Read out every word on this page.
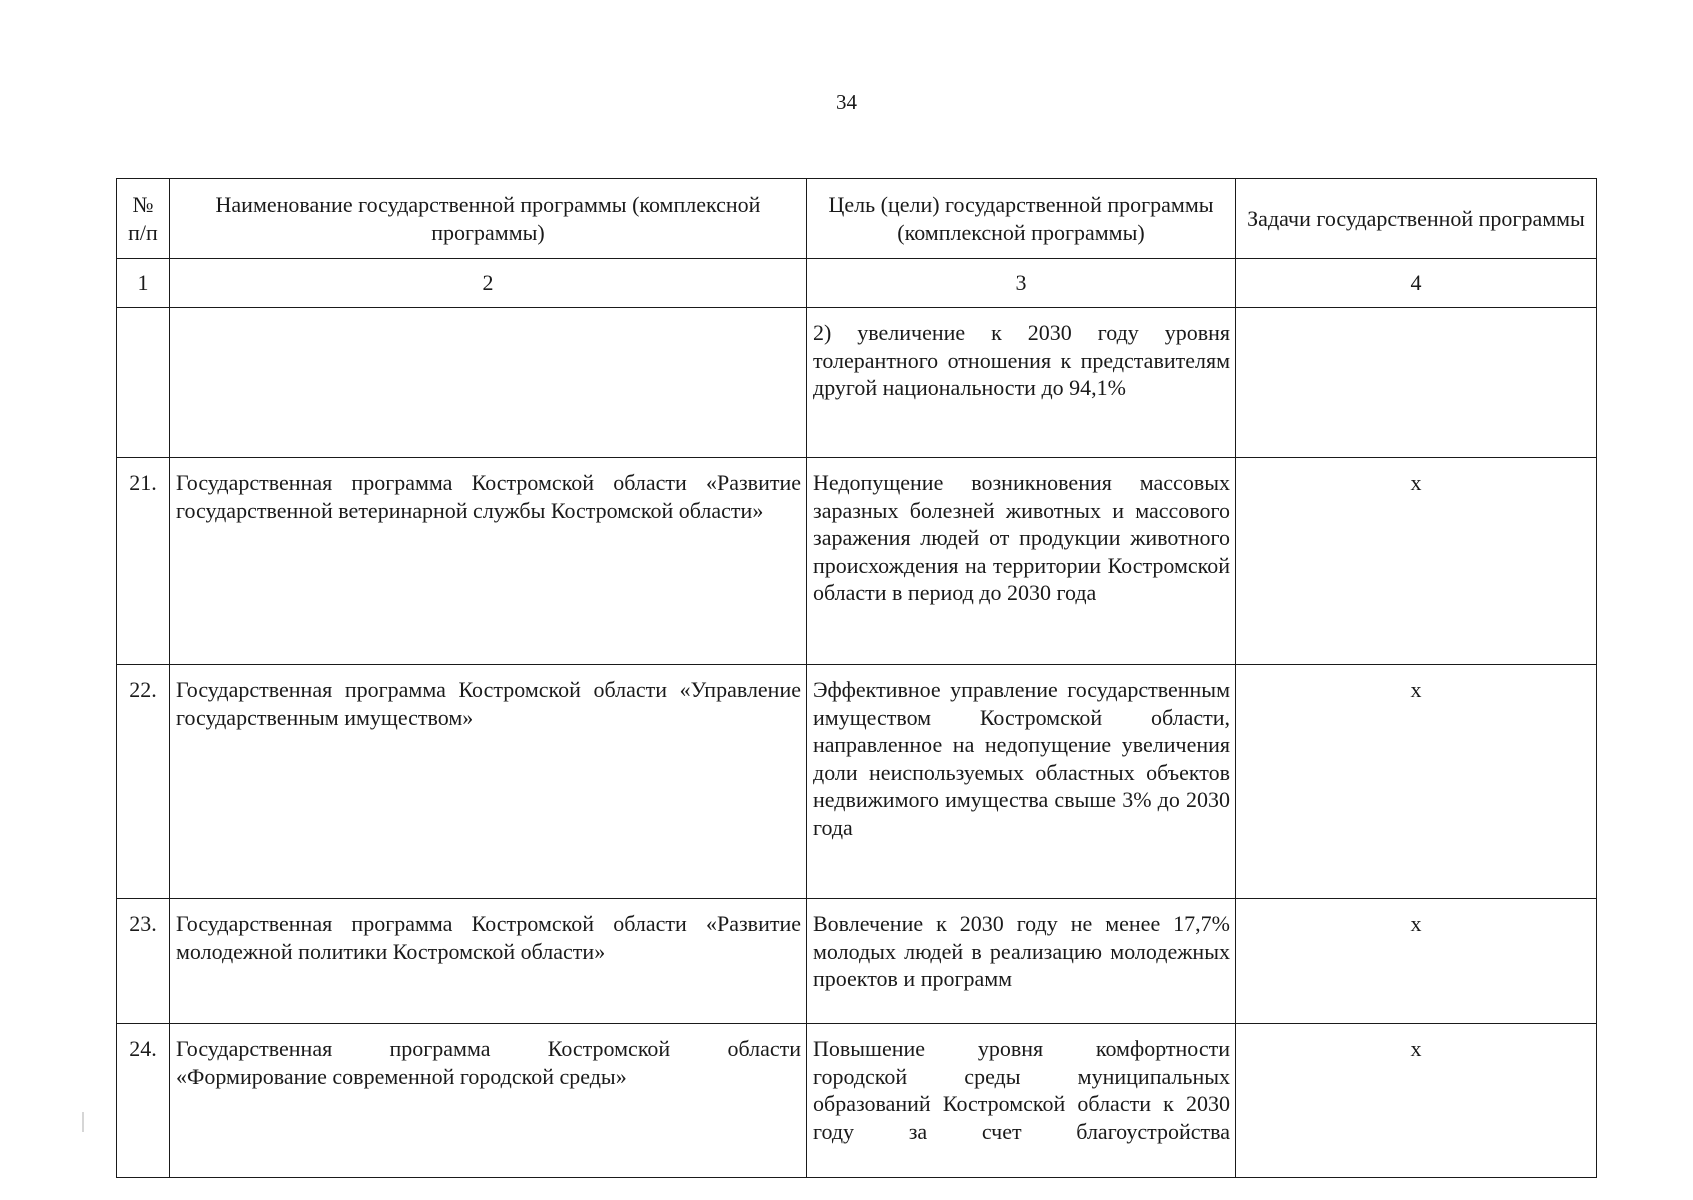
34
№ п/п	Наименование государственной программы (комплексной программы)	Цель (цели) государственной программы (комплексной программы)	Задачи государственной программы
1	2	3	4
		2) увеличение к 2030 году уровня толерантного отношения к представителям другой национальности до 94,1%	
21.	Государственная программа Костромской области «Развитие государственной ветеринарной службы Костромской области»	Недопущение возникновения массовых заразных болезней животных и массового заражения людей от продукции животного происхождения на территории Костромской области в период до 2030 года	х
22.	Государственная программа Костромской области «Управление государственным имуществом»	Эффективное управление государственным имуществом Костромской области, направленное на недопущение увеличения доли неиспользуемых областных объектов недвижимого имущества свыше 3% до 2030 года	х
23.	Государственная программа Костромской области «Развитие молодежной политики Костромской области»	Вовлечение к 2030 году не менее 17,7% молодых людей в реализацию молодежных проектов и программ	х
24.	Государственная программа Костромской области «Формирование современной городской среды»	Повышение уровня комфортности городской среды муниципальных образований Костромской области к 2030 году за счет благоустройства	х
